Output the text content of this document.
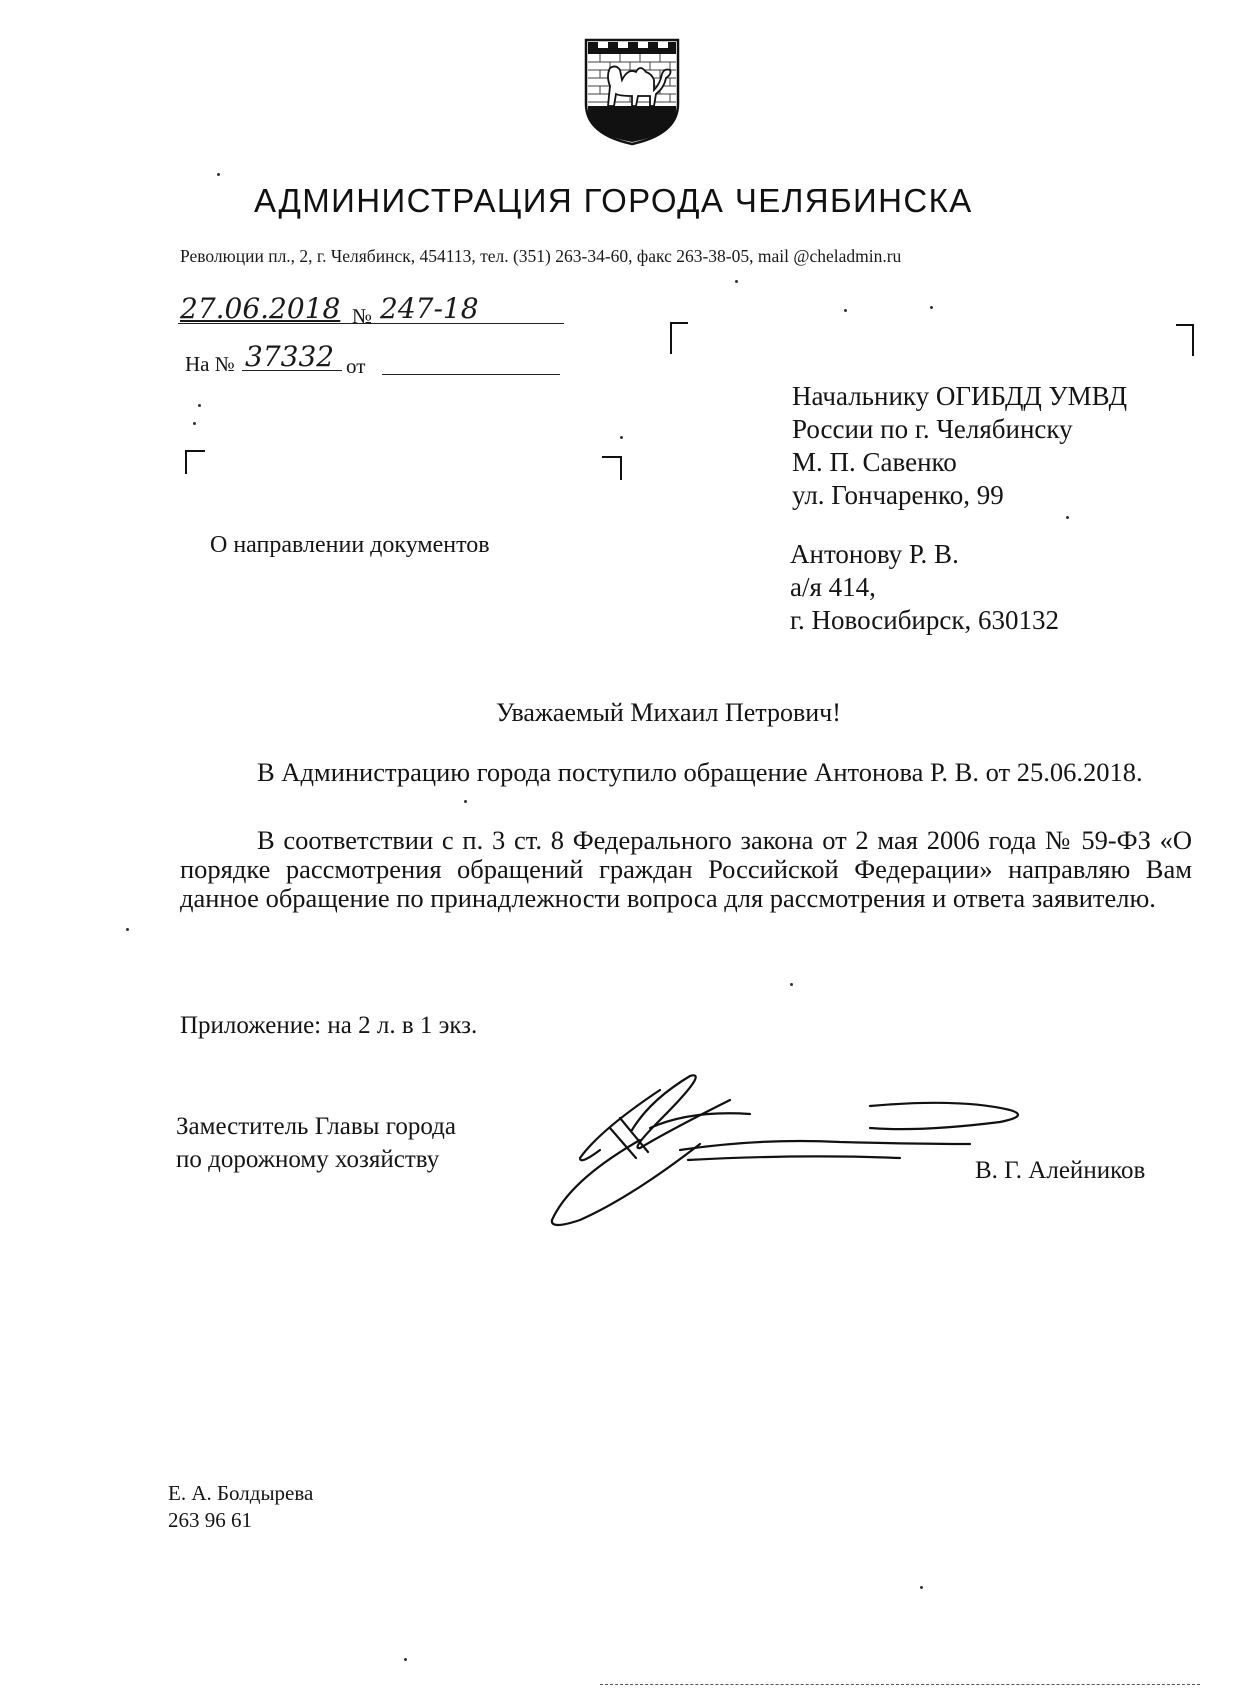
АДМИНИСТРАЦИЯ ГОРОДА ЧЕЛЯБИНСКА
Революции пл., 2, г. Челябинск, 454113, тел. (351) 263-34-60, факс 263-38-05, mail @cheladmin.ru
27.06.2018 № 247-18
На № 37332 от
Начальнику ОГИБДД УМВД
России по г. Челябинску
М. П. Савенко
ул. Гончаренко, 99
Антонову Р. В.
а/я 414,
г. Новосибирск, 630132
О направлении документов
Уважаемый Михаил Петрович!
В Администрацию города поступило обращение Антонова Р. В. от 25.06.2018.
В соответствии с п. 3 ст. 8 Федерального закона от 2 мая 2006 года № 59-ФЗ «О порядке рассмотрения обращений граждан Российской Федерации» направляю Вам данное обращение по принадлежности вопроса для рассмотрения и ответа заявителю.
Приложение: на 2 л. в 1 экз.
Заместитель Главы города
по дорожному хозяйству	В. Г. Алейников
Е. А. Болдырева
263 96 61
